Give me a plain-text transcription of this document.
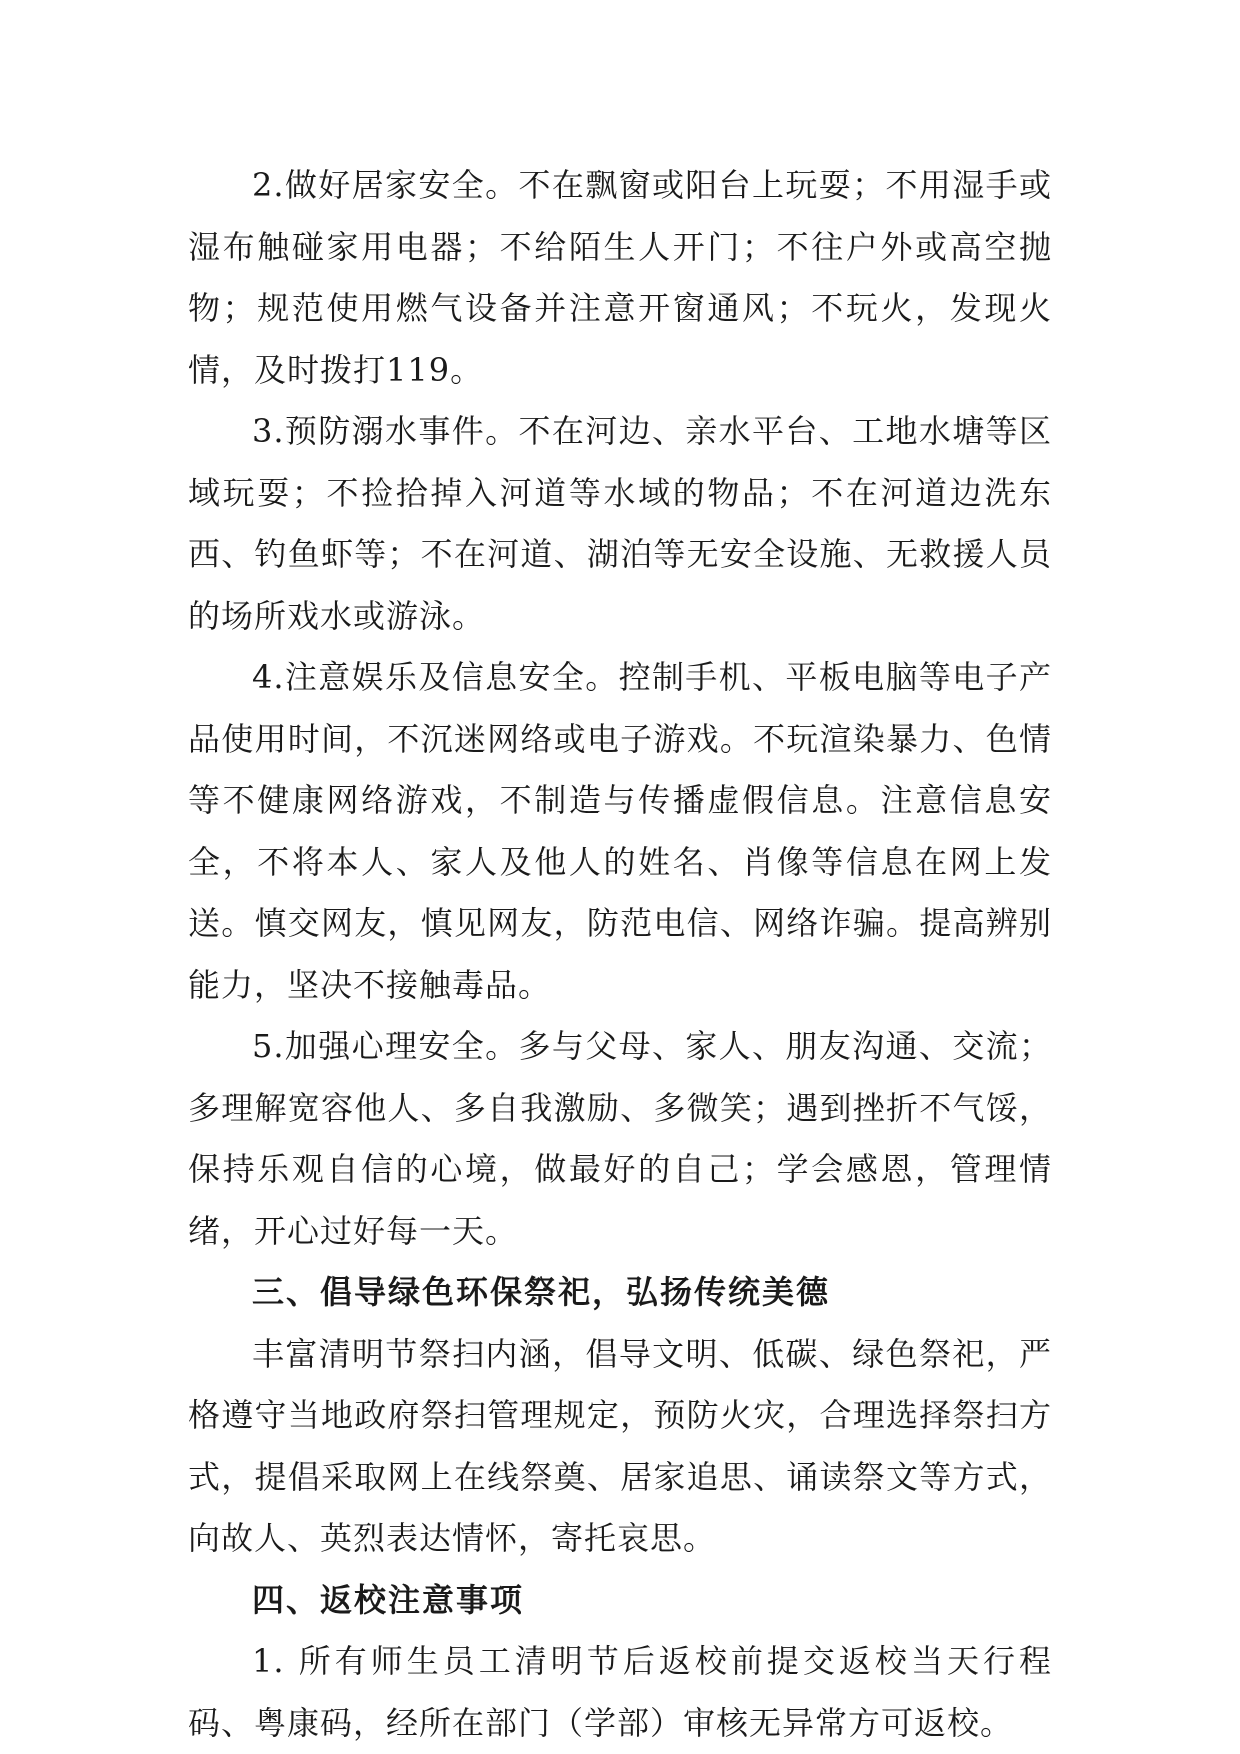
2.做好居家安全。不在飘窗或阳台上玩耍；不用湿手或湿布触碰家用电器；不给陌生人开门；不往户外或高空抛物；规范使用燃气设备并注意开窗通风；不玩火，发现火情，及时拨打119。

3.预防溺水事件。不在河边、亲水平台、工地水塘等区域玩耍；不捡拾掉入河道等水域的物品；不在河道边洗东西、钓鱼虾等；不在河道、湖泊等无安全设施、无救援人员的场所戏水或游泳。

4.注意娱乐及信息安全。控制手机、平板电脑等电子产品使用时间，不沉迷网络或电子游戏。不玩渲染暴力、色情等不健康网络游戏，不制造与传播虚假信息。注意信息安全，不将本人、家人及他人的姓名、肖像等信息在网上发送。慎交网友，慎见网友，防范电信、网络诈骗。提高辨别能力，坚决不接触毒品。

5.加强心理安全。多与父母、家人、朋友沟通、交流；多理解宽容他人、多自我激励、多微笑；遇到挫折不气馁，保持乐观自信的心境，做最好的自己；学会感恩，管理情绪，开心过好每一天。

三、倡导绿色环保祭祀，弘扬传统美德

丰富清明节祭扫内涵，倡导文明、低碳、绿色祭祀，严格遵守当地政府祭扫管理规定，预防火灾，合理选择祭扫方式，提倡采取网上在线祭奠、居家追思、诵读祭文等方式，向故人、英烈表达情怀，寄托哀思。

四、返校注意事项

1. 所有师生员工清明节后返校前提交返校当天行程码、粤康码，经所在部门（学部）审核无异常方可返校。
